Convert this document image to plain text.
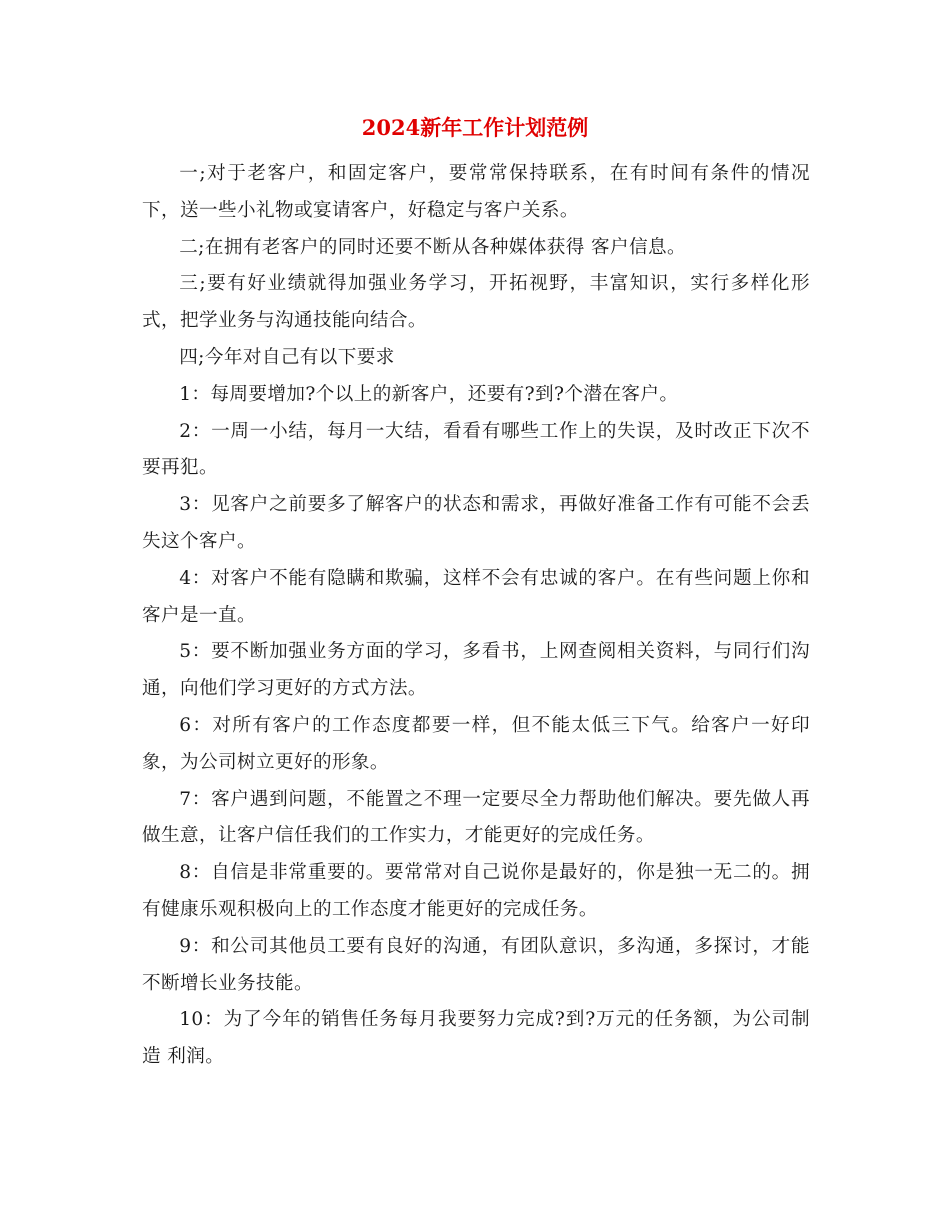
2024新年工作计划范例

一;对于老客户，和固定客户，要常常保持联系，在有时间有条件的情况下，送一些小礼物或宴请客户，好稳定与客户关系。

二;在拥有老客户的同时还要不断从各种媒体获得 客户信息。

三;要有好业绩就得加强业务学习，开拓视野，丰富知识，实行多样化形式，把学业务与沟通技能向结合。

四;今年对自己有以下要求

1：每周要增加?个以上的新客户，还要有?到?个潜在客户。

2：一周一小结，每月一大结，看看有哪些工作上的失误，及时改正下次不要再犯。

3：见客户之前要多了解客户的状态和需求，再做好准备工作有可能不会丢失这个客户。

4：对客户不能有隐瞒和欺骗，这样不会有忠诚的客户。在有些问题上你和客户是一直。

5：要不断加强业务方面的学习，多看书，上网查阅相关资料，与同行们沟通，向他们学习更好的方式方法。

6：对所有客户的工作态度都要一样，但不能太低三下气。给客户一好印象，为公司树立更好的形象。

7：客户遇到问题，不能置之不理一定要尽全力帮助他们解决。要先做人再做生意，让客户信任我们的工作实力，才能更好的完成任务。

8：自信是非常重要的。要常常对自己说你是最好的，你是独一无二的。拥有健康乐观积极向上的工作态度才能更好的完成任务。

9：和公司其他员工要有良好的沟通，有团队意识，多沟通，多探讨，才能不断增长业务技能。

10：为了今年的销售任务每月我要努力完成?到?万元的任务额，为公司制造 利润。
